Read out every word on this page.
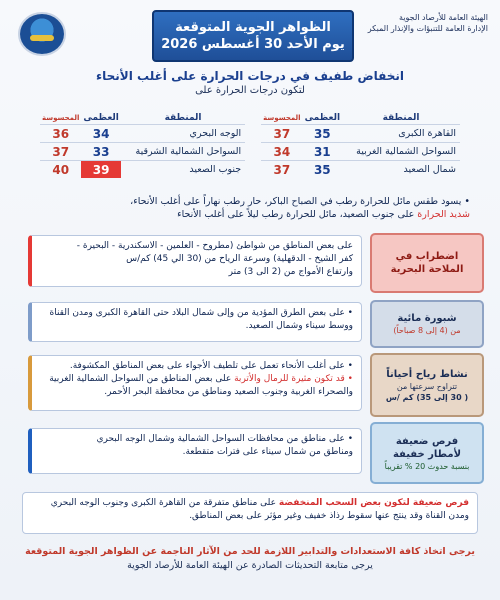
الظواهر الجوية المتوقعة
يوم الأحد 30 أغسطس 2026
الهيئة العامة للأرصاد الجوية
الإدارة العامة للتنبؤات والإنذار المبكر
انخفاض طفيف في درجات الحرارة على أغلب الأنحاء
لتكون درجات الحرارة على
المنطقة	العظمى	المحسوسة		المنطقة	العظمى	المحسوسة
القاهرة الكبرى	35	37		الوجه البحري	34	36
السواحل الشمالية الغربية	31	34		السواحل الشمالية الشرقية	33	37
شمال الصعيد	35	37		جنوب الصعيد	39	40
• يسود طقس مائل للحرارة رطب في الصباح الباكر، حار رطب نهاراً على أغلب الأنحاء،
شديد الحرارة على جنوب الصعيد، مائل للحرارة رطب ليلاً على أغلب الأنحاء
اضطراب في
الملاحة البحرية
على بعض المناطق من شواطئ (مطروح - العلمين - الاسكندرية - البحيرة -
كفر الشيخ - الدقهلية) وسرعة الرياح من (30 الي 45) كم/س
وارتفاع الأمواج من (2 الى 3) متر
شبورة مائية
من (4 إلى 8 صباحاً)
• على بعض الطرق المؤدية من وإلى شمال البلاد حتى القاهرة الكبرى ومدن القناة
ووسط سيناء وشمال الصعيد.
نشاط رياح أحياناً
تتراوح سرعتها من
( 30 إلى 35) كم /س
• على أغلب الأنحاء تعمل على تلطيف الأجواء على بعض المناطق المكشوفة.
• قد تكون مثيرة للرمال والأتربة على بعض المناطق من السواحل الشمالية الغربية
والصحراء الغربية وجنوب الصعيد ومناطق من محافظة البحر الأحمر.
فرص ضعيفة
لأمطار خفيفة
بنسبة حدوث 20 % تقريباً
• على مناطق من محافظات السواحل الشمالية وشمال الوجه البحري
ومناطق من شمال سيناء على فترات متقطعة.
فرص ضعيفة لتكون بعض السحب المنخفضة على مناطق متفرقة من القاهرة الكبرى وجنوب الوجه البحري
ومدن القناة وقد ينتج عنها سقوط رذاذ خفيف وغير مؤثر على بعض المناطق.
يرجى اتخاذ كافة الاستعدادات والتدابير اللازمة للحد من الآثار الناجمة عن الظواهر الجوية المتوقعة
يرجى متابعة التحديثات الصادرة عن الهيئة العامة للأرصاد الجوية
